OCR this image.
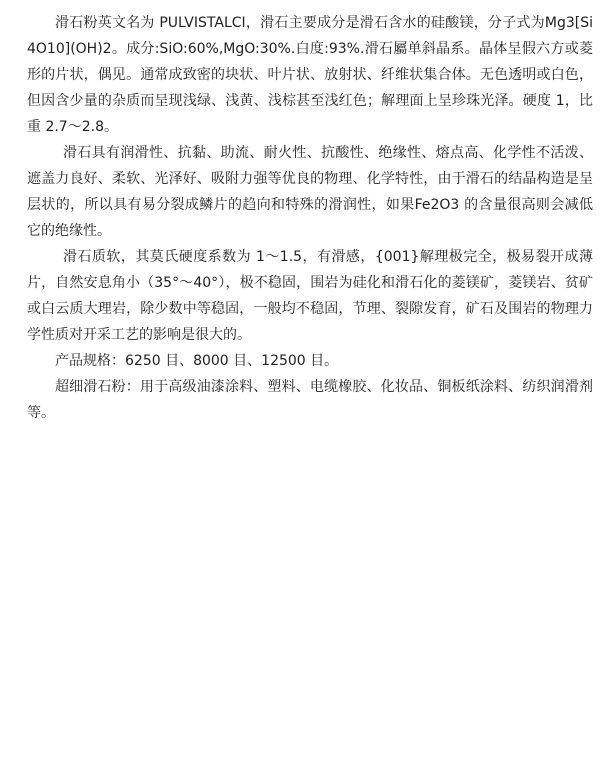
滑石粉英文名为 PULVISTALCI，滑石主要成分是滑石含水的硅酸镁，分子式为Mg3[Si4O10](OH)2。成分:SiO:60%,MgO:30%.白度:93%.滑石屬单斜晶系。晶体呈假六方或菱形的片状，偶见。通常成致密的块状、叶片状、放射状、纤维状集合体。无色透明或白色，但因含少量的杂质而呈现浅绿、浅黄、浅棕甚至浅红色；解理面上呈珍珠光泽。硬度 1，比重 2.7～2.8。

滑石具有润滑性、抗黏、助流、耐火性、抗酸性、绝缘性、熔点高、化学性不活泼、遮盖力良好、柔软、光泽好、吸附力强等优良的物理、化学特性，由于滑石的结晶构造是呈层状的，所以具有易分裂成鳞片的趋向和特殊的滑润性，如果Fe2O3 的含量很高则会减低它的绝缘性。

滑石质软，其莫氏硬度系数为 1～1.5，有滑感，{001}解理极完全，极易裂开成薄片，自然安息角小（35°～40°），极不稳固，围岩为硅化和滑石化的菱镁矿，菱镁岩、贫矿或白云质大理岩，除少数中等稳固，一般均不稳固，节理、裂隙发育，矿石及围岩的物理力学性质对开采工艺的影响是很大的。

产品规格：6250 目、8000 目、12500 目。

超细滑石粉：用于高级油漆涂料、塑料、电缆橡胶、化妆品、铜板纸涂料、纺织润滑剂等。
